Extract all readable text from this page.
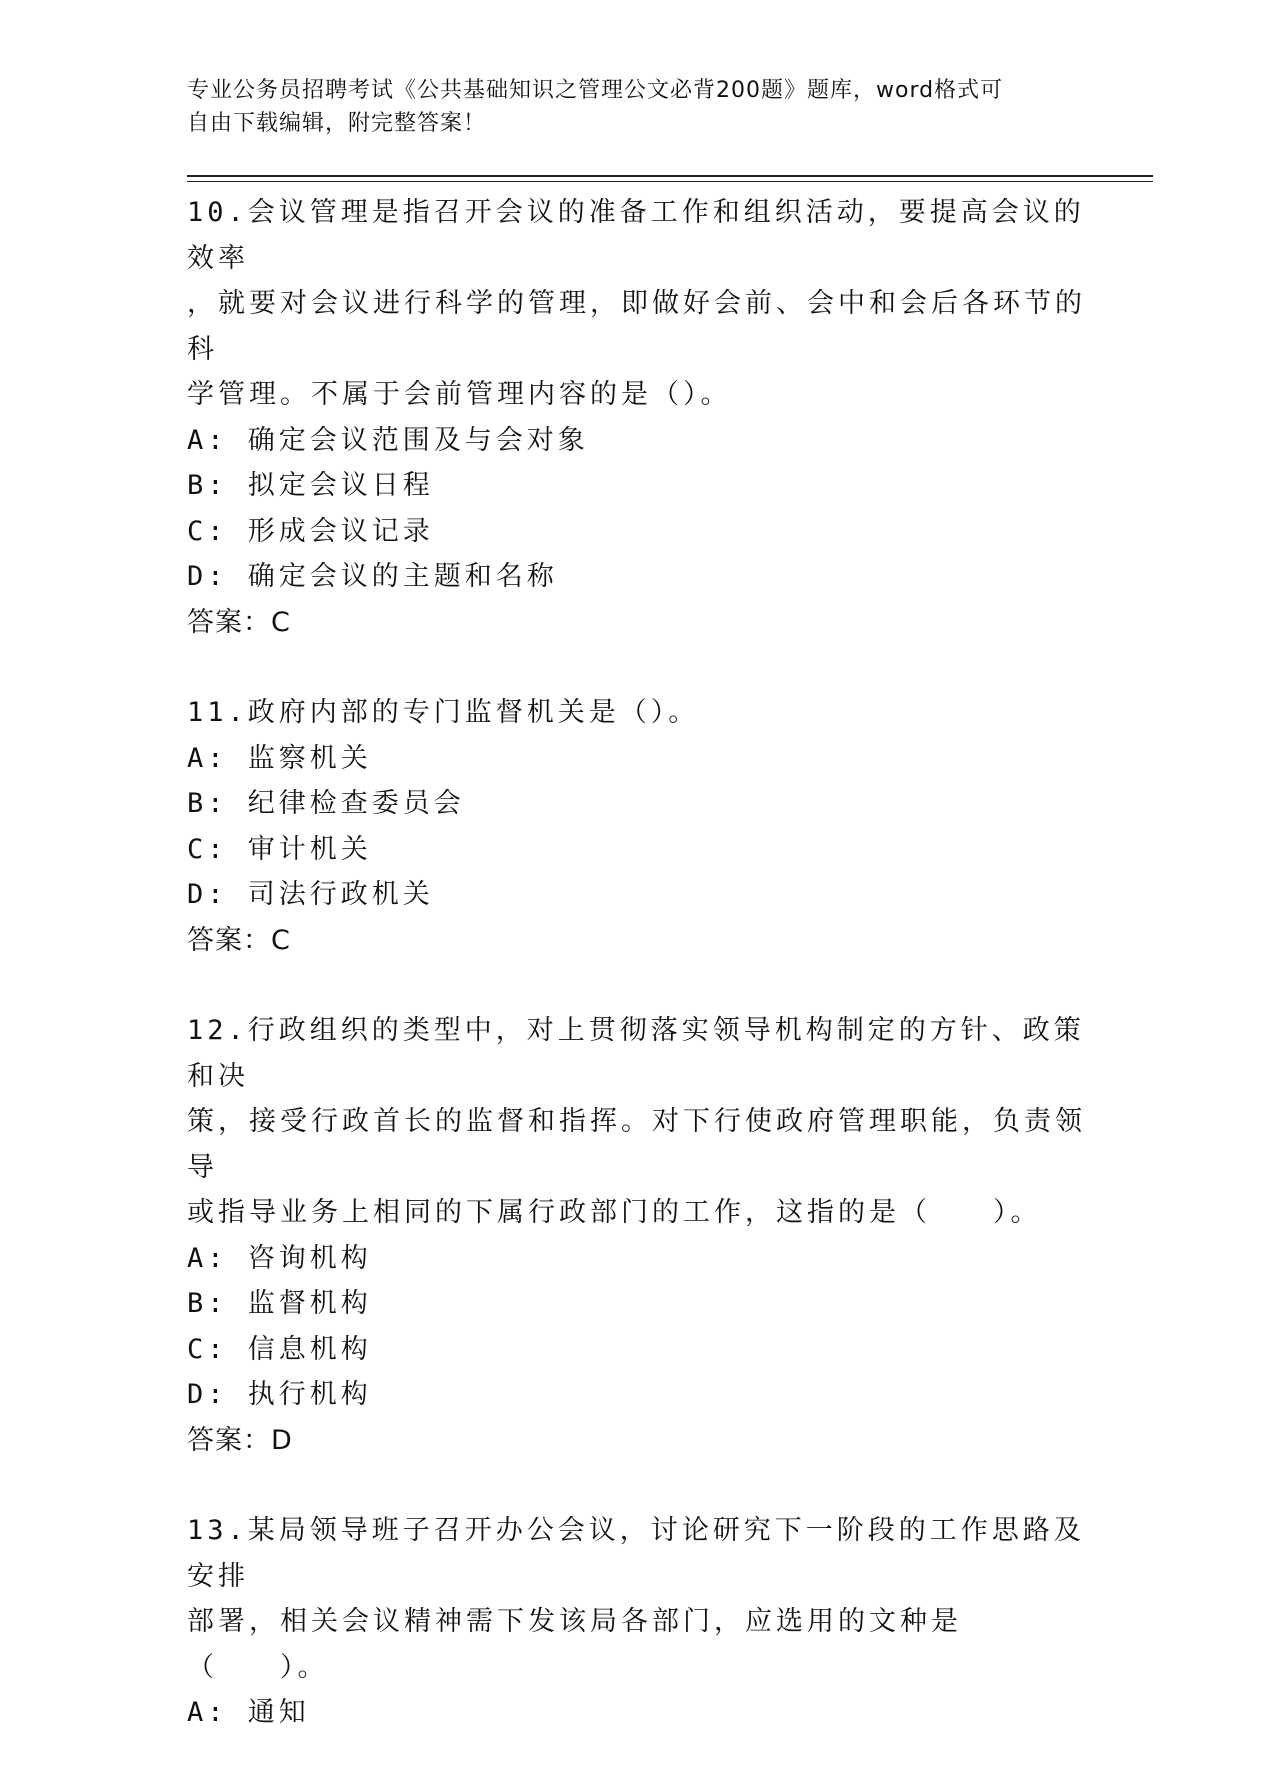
专业公务员招聘考试《公共基础知识之管理公文必背200题》题库，word格式可
自由下载编辑，附完整答案！

10.会议管理是指召开会议的准备工作和组织活动，要提高会议的效率

，就要对会议进行科学的管理，即做好会前、会中和会后各环节的科

学管理。不属于会前管理内容的是（）。

A: 确定会议范围及与会对象

B: 拟定会议日程

C: 形成会议记录

D: 确定会议的主题和名称

答案：C

11.政府内部的专门监督机关是（）。

A: 监察机关

B: 纪律检查委员会

C: 审计机关

D: 司法行政机关

答案：C

12.行政组织的类型中，对上贯彻落实领导机构制定的方针、政策和决

策，接受行政首长的监督和指挥。对下行使政府管理职能，负责领导

或指导业务上相同的下属行政部门的工作，这指的是（　　）。

A: 咨询机构

B: 监督机构

C: 信息机构

D: 执行机构

答案：D

13.某局领导班子召开办公会议，讨论研究下一阶段的工作思路及安排

部署，相关会议精神需下发该局各部门，应选用的文种是（　　）。

A: 通知
